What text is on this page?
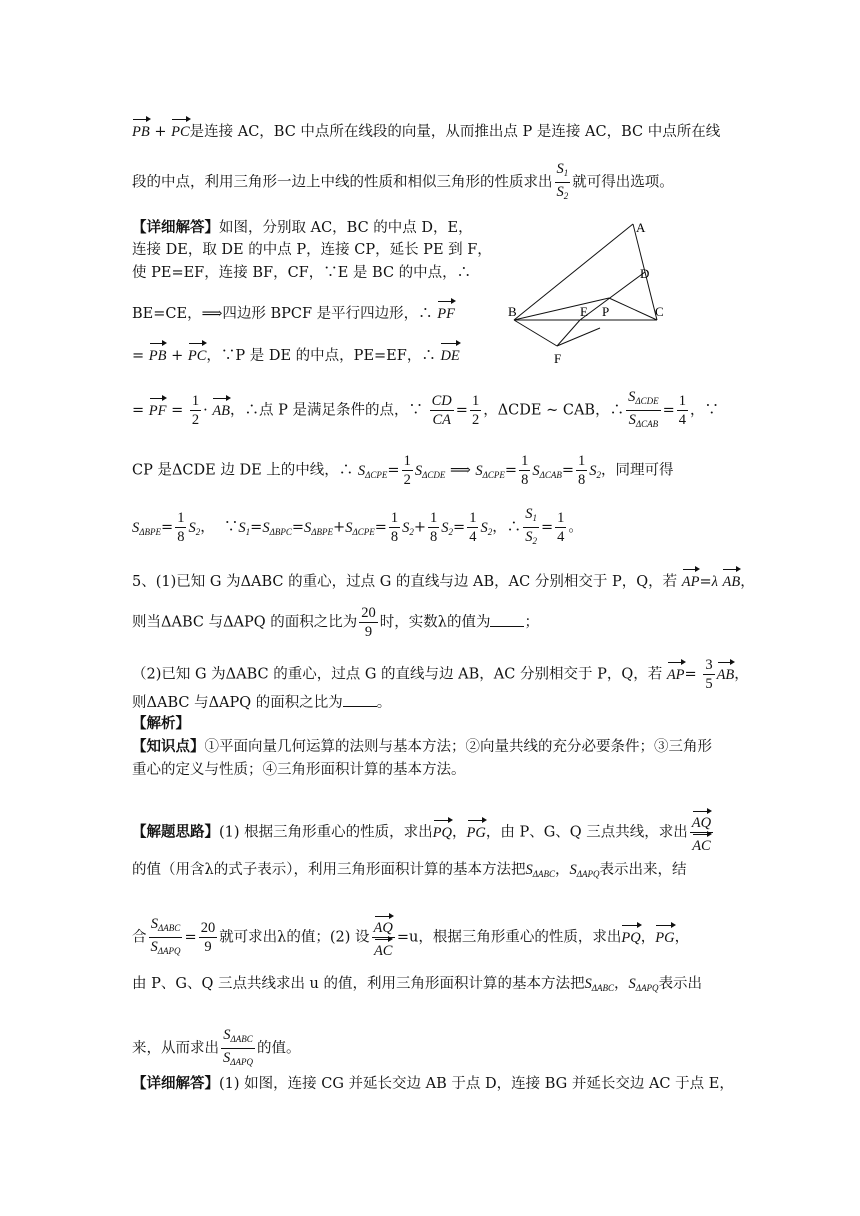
PB + PC是连接 AC，BC 中点所在线段的向量，从而推出点 P 是连接 AC，BC 中点所在线
段的中点，利用三角形一边上中线的性质和相似三角形的性质求出 $\frac{S_1}{S_2}$ 就可得出选项。
A
D
B	E P	C
F
【详细解答】如图，分别取 AC，BC 的中点 D，E，
连接 DE，取 DE 的中点 P，连接 CP，延长 PE 到 F，
使 PE=EF，连接 BF，CF，∵E 是 BC 的中点，∴
BE=CE，⟹四边形 BPCF 是平行四边形，∴ PF
= PB + PC，∵P 是 DE 的中点，PE=EF，∴ DE
= PF = $\frac{1}{2}$ · AB，∴点 P 是满足条件的点，∵ $\frac{CD}{CA} = \frac{1}{2}$ ，ΔCDE ~ CAB，∴ $\frac{S_{\Delta CDE}}{S_{\Delta CAB}} = \frac{1}{4}$ ，∵
CP 是ΔCDE 边 DE 上的中线，∴ $S_{\Delta CPE}= \frac{1}{2} S_{\Delta CDE}$ ⟹ $S_{\Delta CPE}= \frac{1}{8} S_{\Delta CAB}= \frac{1}{8} S_2$，同理可得
$S_{\Delta BPE}= \frac{1}{8} S_2$，  $\because S_1=S_{\Delta BPC}=S_{\Delta BPE}+S_{\Delta CPE}= \frac{1}{8} S_2+ \frac{1}{8} S_2= \frac{1}{4} S_2$，∴ $\frac{S_1}{S_2} = \frac{1}{4}$ 。
5、(1)已知 G 为ΔABC 的重心，过点 G 的直线与边 AB，AC 分别相交于 P，Q，若 AP=λ AB，
则当ΔABC 与ΔAPQ 的面积之比为 $\frac{20}{9}$ 时，实数λ的值为 ；
（2)已知 G 为ΔABC 的重心，过点 G 的直线与边 AB，AC 分别相交于 P，Q，若 $AP= \frac{3}{5}$ AB，
则ΔABC 与ΔAPQ 的面积之比为 。
【解析】
【知识点】①平面向量几何运算的法则与基本方法；②向量共线的充分必要条件；③三角形
重心的定义与性质；④三角形面积计算的基本方法。
【解题思路】(1) 根据三角形重心的性质，求出PQ，PG，由 P、G、Q 三点共线，求出 $\frac{AQ}{AC}$
的值（用含λ的式子表示），利用三角形面积计算的基本方法把$S_{\Delta ABC}$，$S_{\Delta APQ}$表示出来，结
合 $\frac{S_{\Delta ABC}}{S_{\Delta APQ}} = \frac{20}{9}$ 就可求出λ的值；(2) 设 $\frac{AQ}{AC} =u$，根据三角形重心的性质，求出PQ，PG，
由 P、G、Q 三点共线求出 u 的值，利用三角形面积计算的基本方法把$S_{\Delta ABC}$，$S_{\Delta APQ}$表示出
来，从而求出 $\frac{S_{\Delta ABC}}{S_{\Delta APQ}}$ 的值。
【详细解答】(1) 如图，连接 CG 并延长交边 AB 于点 D，连接 BG 并延长交边 AC 于点 E，
